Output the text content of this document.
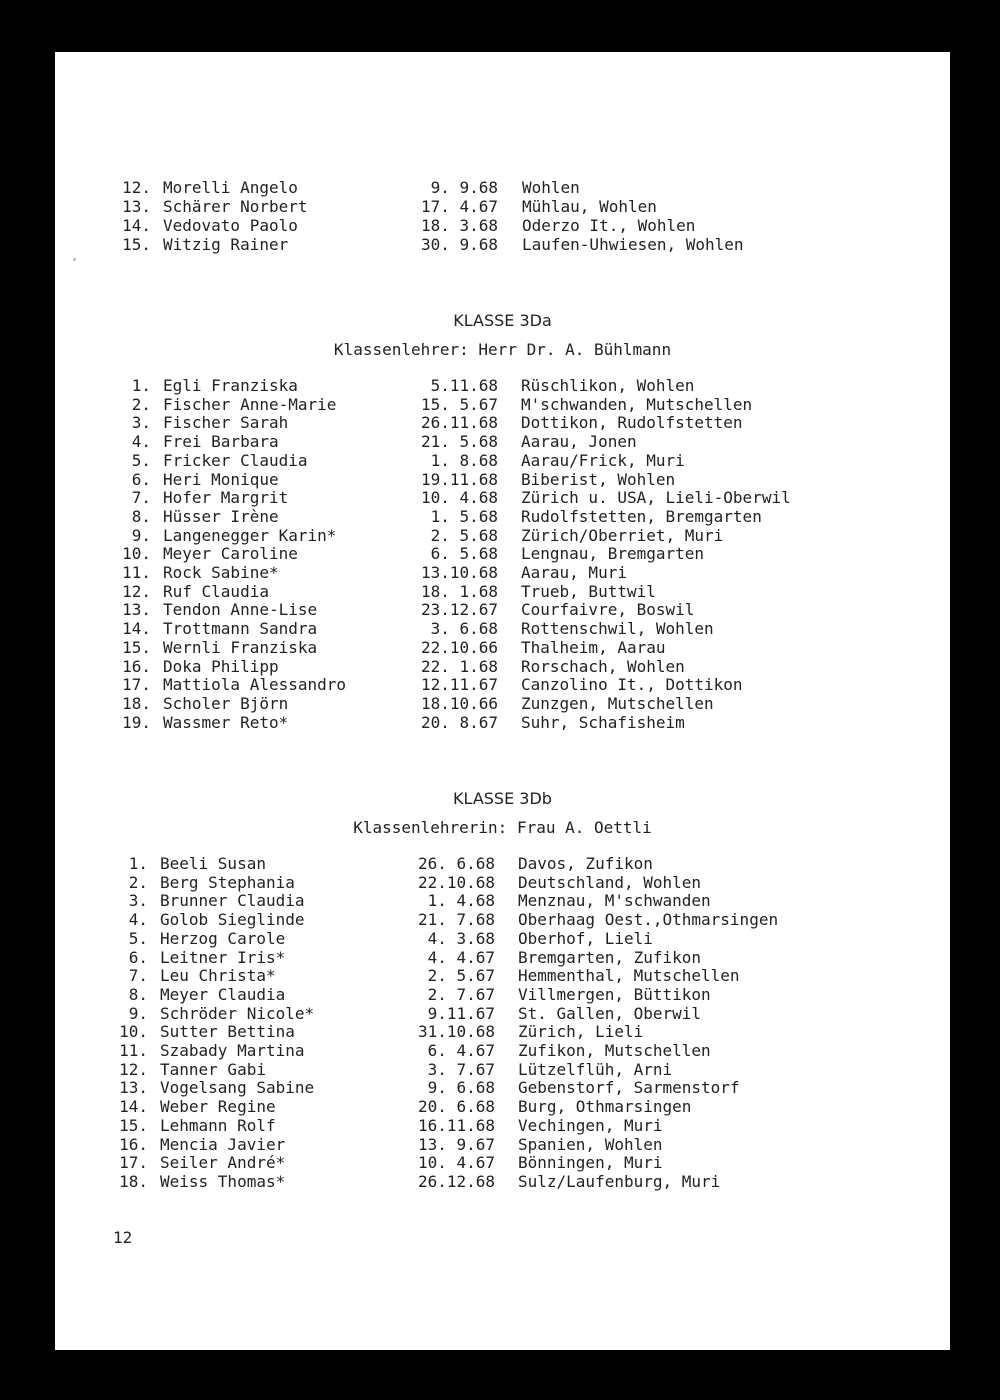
12. Morelli Angelo	9. 9.68 Wohlen
13. Schärer Norbert	17. 4.67 Mühlau, Wohlen
14. Vedovato Paolo	18. 3.68 Oderzo It., Wohlen
15. Witzig Rainer	30. 9.68 Laufen-Uhwiesen, Wohlen
KLASSE 3Da
Klassenlehrer: Herr Dr. A. Bühlmann
1. Egli Franziska	5.11.68 Rüschlikon, Wohlen
2. Fischer Anne-Marie	15. 5.67 M'schwanden, Mutschellen
3. Fischer Sarah	26.11.68 Dottikon, Rudolfstetten
4. Frei Barbara	21. 5.68 Aarau, Jonen
5. Fricker Claudia	1. 8.68 Aarau/Frick, Muri
6. Heri Monique	19.11.68 Biberist, Wohlen
7. Hofer Margrit	10. 4.68 Zürich u. USA, Lieli-Oberwil
8. Hüsser Irène	1. 5.68 Rudolfstetten, Bremgarten
9. Langenegger Karin*	2. 5.68 Zürich/Oberriet, Muri
10. Meyer Caroline	6. 5.68 Lengnau, Bremgarten
11. Rock Sabine*	13.10.68 Aarau, Muri
12. Ruf Claudia	18. 1.68 Trueb, Buttwil
13. Tendon Anne-Lise	23.12.67 Courfaivre, Boswil
14. Trottmann Sandra	3. 6.68 Rottenschwil, Wohlen
15. Wernli Franziska	22.10.66 Thalheim, Aarau
16. Doka Philipp	22. 1.68 Rorschach, Wohlen
17. Mattiola Alessandro	12.11.67 Canzolino It., Dottikon
18. Scholer Björn	18.10.66 Zunzgen, Mutschellen
19. Wassmer Reto*	20. 8.67 Suhr, Schafisheim
KLASSE 3Db
Klassenlehrerin: Frau A. Oettli
1. Beeli Susan	26. 6.68 Davos, Zufikon
2. Berg Stephania	22.10.68 Deutschland, Wohlen
3. Brunner Claudia	1. 4.68 Menznau, M'schwanden
4. Golob Sieglinde	21. 7.68 Oberhaag Oest.,Othmarsingen
5. Herzog Carole	4. 3.68 Oberhof, Lieli
6. Leitner Iris*	4. 4.67 Bremgarten, Zufikon
7. Leu Christa*	2. 5.67 Hemmenthal, Mutschellen
8. Meyer Claudia	2. 7.67 Villmergen, Büttikon
9. Schröder Nicole*	9.11.67 St. Gallen, Oberwil
10. Sutter Bettina	31.10.68 Zürich, Lieli
11. Szabady Martina	6. 4.67 Zufikon, Mutschellen
12. Tanner Gabi	3. 7.67 Lützelflüh, Arni
13. Vogelsang Sabine	9. 6.68 Gebenstorf, Sarmenstorf
14. Weber Regine	20. 6.68 Burg, Othmarsingen
15. Lehmann Rolf	16.11.68 Vechingen, Muri
16. Mencia Javier	13. 9.67 Spanien, Wohlen
17. Seiler André*	10. 4.67 Bönningen, Muri
18. Weiss Thomas*	26.12.68 Sulz/Laufenburg, Muri
12
